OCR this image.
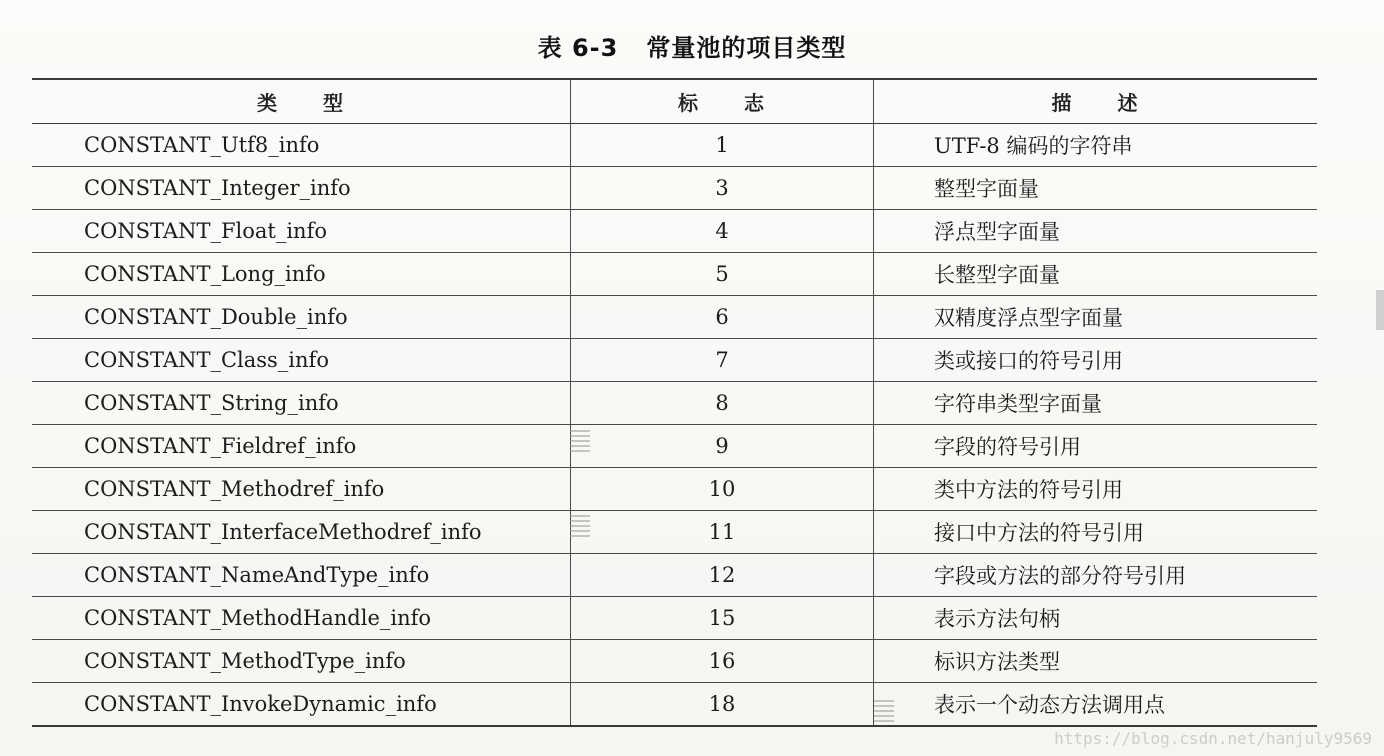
表 6-3   常量池的项目类型
类　　型	标　　志	描　　述
CONSTANT_Utf8_info	1	UTF-8 编码的字符串
CONSTANT_Integer_info	3	整型字面量
CONSTANT_Float_info	4	浮点型字面量
CONSTANT_Long_info	5	长整型字面量
CONSTANT_Double_info	6	双精度浮点型字面量
CONSTANT_Class_info	7	类或接口的符号引用
CONSTANT_String_info	8	字符串类型字面量
CONSTANT_Fieldref_info	9	字段的符号引用
CONSTANT_Methodref_info	10	类中方法的符号引用
CONSTANT_InterfaceMethodref_info	11	接口中方法的符号引用
CONSTANT_NameAndType_info	12	字段或方法的部分符号引用
CONSTANT_MethodHandle_info	15	表示方法句柄
CONSTANT_MethodType_info	16	标识方法类型
CONSTANT_InvokeDynamic_info	18	表示一个动态方法调用点
https://blog.csdn.net/hanjuly9569
